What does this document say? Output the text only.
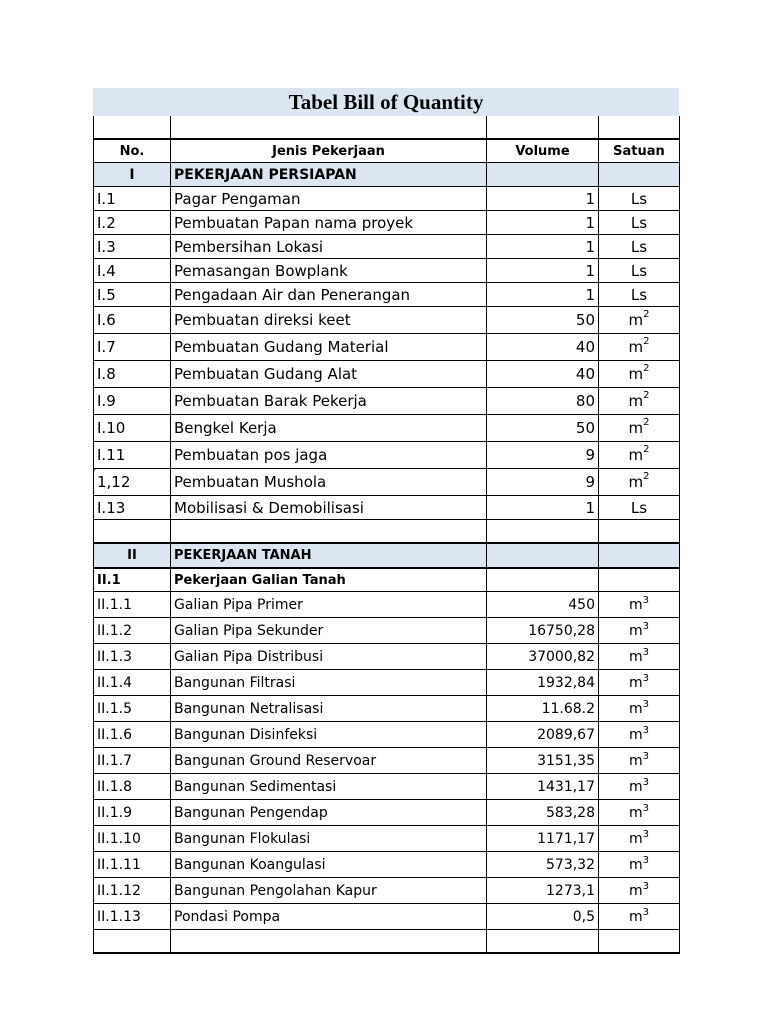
Tabel Bill of Quantity

No.	Jenis Pekerjaan	Volume	Satuan
I	PEKERJAAN PERSIAPAN		
I.1	Pagar Pengaman	1	Ls
I.2	Pembuatan Papan nama proyek	1	Ls
I.3	Pembersihan Lokasi	1	Ls
I.4	Pemasangan Bowplank	1	Ls
I.5	Pengadaan Air dan Penerangan	1	Ls
I.6	Pembuatan direksi keet	50	$m^2$
I.7	Pembuatan Gudang Material	40	$m^2$
I.8	Pembuatan Gudang Alat	40	$m^2$
I.9	Pembuatan Barak Pekerja	80	$m^2$
I.10	Bengkel Kerja	50	$m^2$
I.11	Pembuatan pos jaga	9	$m^2$
1,12	Pembuatan Mushola	9	$m^2$
I.13	Mobilisasi & Demobilisasi	1	Ls

II	PEKERJAAN TANAH		
II.1	Pekerjaan Galian Tanah		
II.1.1	Galian Pipa Primer	450	$m^3$
II.1.2	Galian Pipa Sekunder	16750,28	$m^3$
II.1.3	Galian Pipa Distribusi	37000,82	$m^3$
II.1.4	Bangunan Filtrasi	1932,84	$m^3$
II.1.5	Bangunan Netralisasi	11.68.2	$m^3$
II.1.6	Bangunan Disinfeksi	2089,67	$m^3$
II.1.7	Bangunan Ground Reservoar	3151,35	$m^3$
II.1.8	Bangunan Sedimentasi	1431,17	$m^3$
II.1.9	Bangunan Pengendap	583,28	$m^3$
II.1.10	Bangunan Flokulasi	1171,17	$m^3$
II.1.11	Bangunan Koangulasi	573,32	$m^3$
II.1.12	Bangunan Pengolahan Kapur	1273,1	$m^3$
II.1.13	Pondasi Pompa	0,5	$m^3$
